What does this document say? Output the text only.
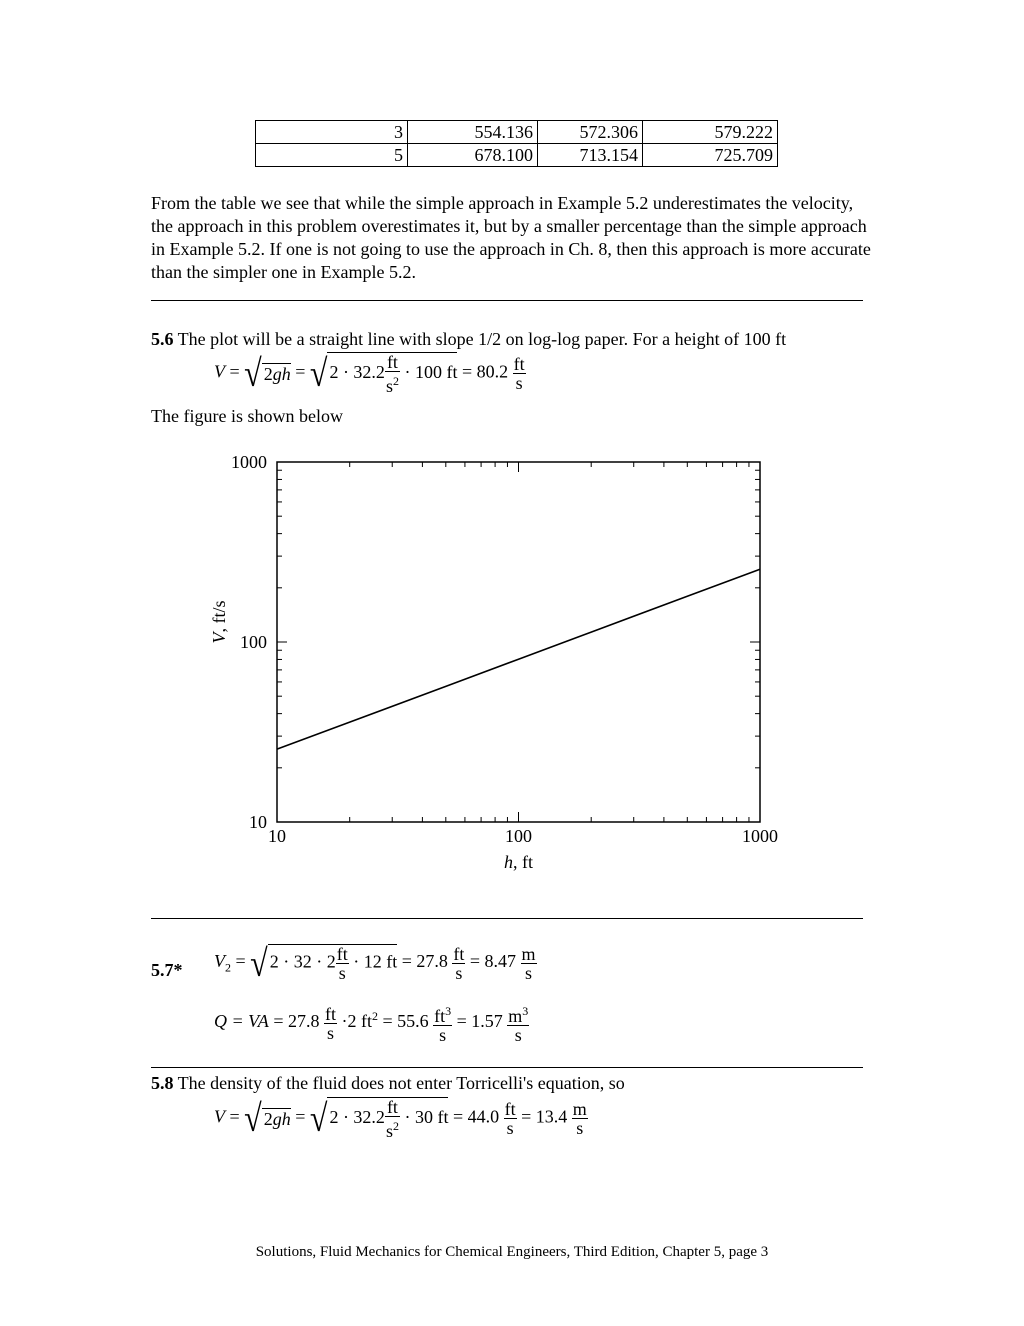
3	554.136	572.306	579.222
5	678.100	713.154	725.709

From the table we see that while the simple approach in Example 5.2 underestimates the velocity, the approach in this problem overestimates it, but by a smaller percentage than the simple approach in Example 5.2. If one is not going to use the approach in Ch. 8, then this approach is more accurate than the simpler one in Example 5.2.

5.6 The plot will be a straight line with slope 1/2 on log-log paper. For a height of 100 ft

V = √ 2gh = √ $2 \cdot 32.2 \frac{ft}{s^2} \cdot 100$ ft = $80.2 \frac{ft}{s}$

The figure is shown below

10	100	1000
10
100
1000
h, ft
V, ft/s
5.7* $V_2$ = √ $2 \cdot 32 \cdot 2 \frac{ft}{s} \cdot 12$ ft = $27.8 \frac{ft}{s} = 8.47 \frac{m}{s}$
Q = VA = $27.8 \frac{ft}{s} \cdot 2$ $ft^2 = 55.6 \frac{ft^3}{s} = 1.57 \frac{m^3}{s}$

5.8 The density of the fluid does not enter Torricelli's equation, so

V = √ 2gh = √ $2 \cdot 32.2 \frac{ft}{s^2} \cdot 30$ ft = $44.0 \frac{ft}{s} = 13.4 \frac{m}{s}$
Solutions, Fluid Mechanics for Chemical Engineers, Third Edition, Chapter 5, page 3
